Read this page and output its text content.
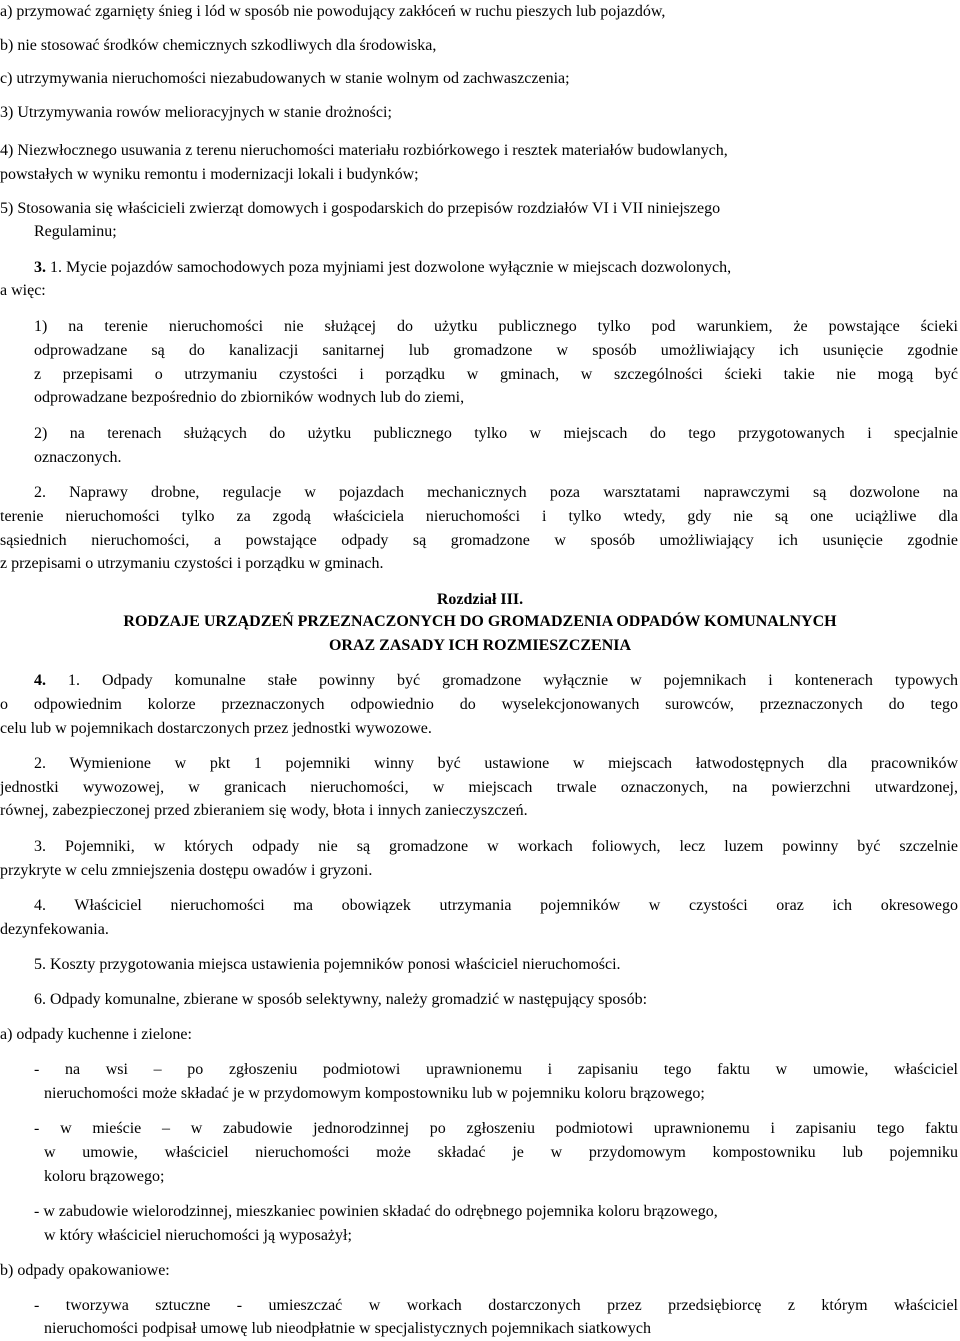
a) przymować zgarnięty śnieg i lód w sposób nie powodujący zakłóceń w ruchu pieszych lub pojazdów,
b) nie stosować środków chemicznych szkodliwych dla środowiska,
c) utrzymywania nieruchomości niezabudowanych w stanie wolnym od zachwaszczenia;
3) Utrzymywania rowów melioracyjnych w stanie drożności;
4) Niezwłocznego usuwania z terenu nieruchomości materiału rozbiórkowego i resztek materiałów budowlanych,
powstałych w wyniku remontu i modernizacji lokali i budynków;
5) Stosowania się właścicieli zwierząt domowych i gospodarskich do przepisów rozdziałów VI i VII niniejszego
Regulaminu;
3. 1. Mycie pojazdów samochodowych poza myjniami jest dozwolone wyłącznie w miejscach dozwolonych,
a więc:
1) na terenie nieruchomości nie służącej do użytku publicznego tylko pod warunkiem, że powstające ścieki
odprowadzane są do kanalizacji sanitarnej lub gromadzone w sposób umożliwiający ich usunięcie zgodnie
z przepisami o utrzymaniu czystości i porządku w gminach, w szczególności ścieki takie nie mogą być
odprowadzane bezpośrednio do zbiorników wodnych lub do ziemi,
2) na terenach służących do użytku publicznego tylko w miejscach do tego przygotowanych i specjalnie
oznaczonych.
2. Naprawy drobne, regulacje w pojazdach mechanicznych poza warsztatami naprawczymi są dozwolone na
terenie nieruchomości tylko za zgodą właściciela nieruchomości i tylko wtedy, gdy nie są one uciążliwe dla
sąsiednich nieruchomości, a powstające odpady są gromadzone w sposób umożliwiający ich usunięcie zgodnie
z przepisami o utrzymaniu czystości i porządku w gminach.
Rozdział III.
RODZAJE URZĄDZEŃ PRZEZNACZONYCH DO GROMADZENIA ODPADÓW KOMUNALNYCH
ORAZ ZASADY ICH ROZMIESZCZENIA
4. 1. Odpady komunalne stałe powinny być gromadzone wyłącznie w pojemnikach i kontenerach typowych
o odpowiednim kolorze przeznaczonych odpowiednio do wyselekcjonowanych surowców, przeznaczonych do tego
celu lub w pojemnikach dostarczonych przez jednostki wywozowe.
2. Wymienione w pkt 1 pojemniki winny być ustawione w miejscach łatwodostępnych dla pracowników
jednostki wywozowej, w granicach nieruchomości, w miejscach trwale oznaczonych, na powierzchni utwardzonej,
równej, zabezpieczonej przed zbieraniem się wody, błota i innych zanieczyszczeń.
3. Pojemniki, w których odpady nie są gromadzone w workach foliowych, lecz luzem powinny być szczelnie
przykryte w celu zmniejszenia dostępu owadów i gryzoni.
4. Właściciel nieruchomości ma obowiązek utrzymania pojemników w czystości oraz ich okresowego
dezynfekowania.
5. Koszty przygotowania miejsca ustawienia pojemników ponosi właściciel nieruchomości.
6. Odpady komunalne, zbierane w sposób selektywny, należy gromadzić w następujący sposób:
a) odpady kuchenne i zielone:
- na wsi – po zgłoszeniu podmiotowi uprawnionemu i zapisaniu tego faktu w umowie, właściciel
nieruchomości może składać je w przydomowym kompostowniku lub w pojemniku koloru brązowego;
- w mieście – w zabudowie jednorodzinnej po zgłoszeniu podmiotowi uprawnionemu i zapisaniu tego faktu
w umowie, właściciel nieruchomości może składać je w przydomowym kompostowniku lub pojemniku
koloru brązowego;
- w zabudowie wielorodzinnej, mieszkaniec powinien składać do odrębnego pojemnika koloru brązowego,
w który właściciel nieruchomości ją wyposażył;
b) odpady opakowaniowe:
- tworzywa sztuczne - umieszczać w workach dostarczonych przez przedsiębiorcę z którym właściciel
nieruchomości podpisał umowę lub nieodpłatnie w specjalistycznych pojemnikach siatkowych
